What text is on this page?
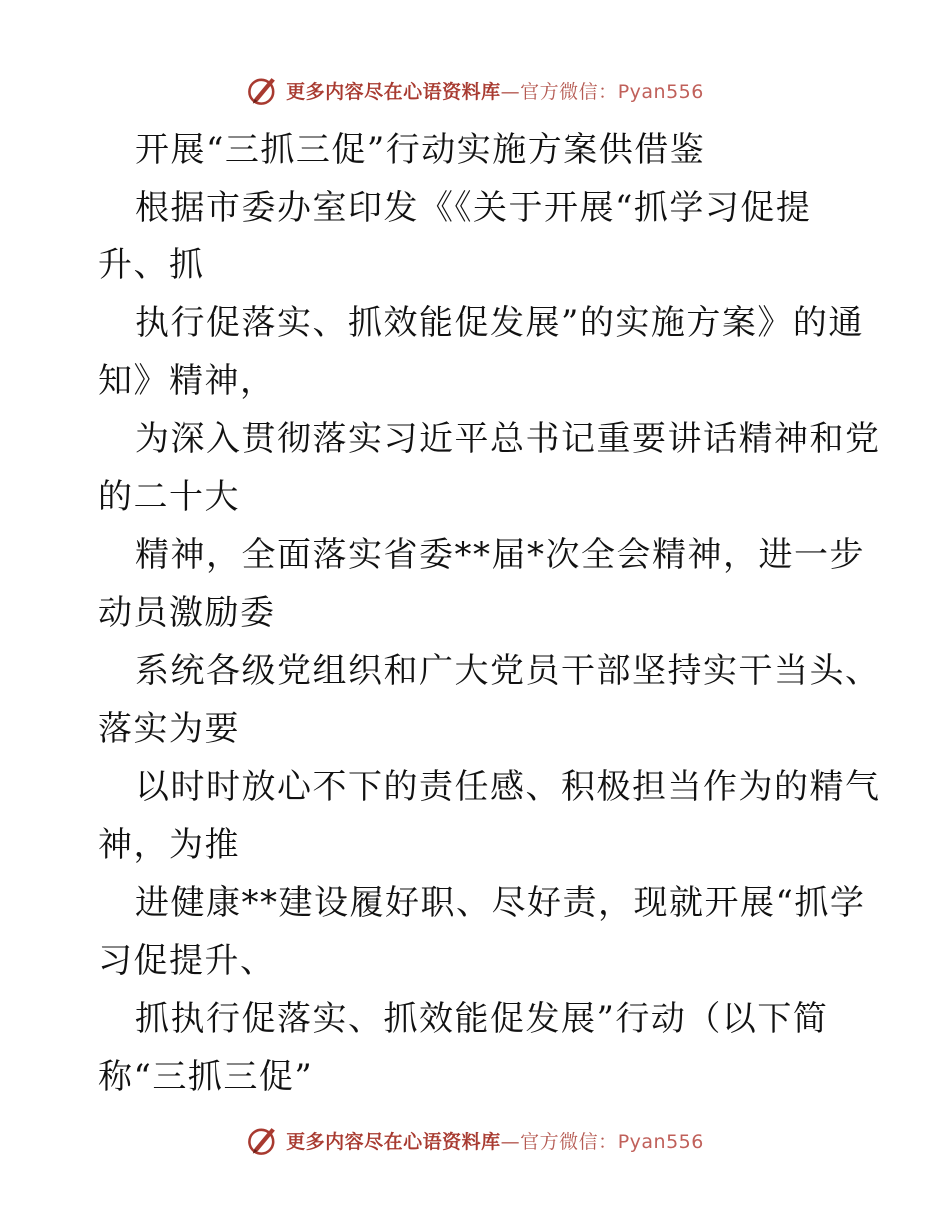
更多内容尽在心语资料库—官方微信：Pyan556
开展“三抓三促”行动实施方案供借鉴
根据市委办室印发《《关于开展“抓学习促提
升、抓
执行促落实、抓效能促发展”的实施方案》的通
知》精神，
为深入贯彻落实习近平总书记重要讲话精神和党
的二十大
精神，全面落实省委**届*次全会精神，进一步
动员激励委
系统各级党组织和广大党员干部坚持实干当头、
落实为要
以时时放心不下的责任感、积极担当作为的精气
神，为推
进健康**建设履好职、尽好责，现就开展“抓学
习促提升、
抓执行促落实、抓效能促发展”行动（以下简
称“三抓三促”
更多内容尽在心语资料库—官方微信：Pyan556
